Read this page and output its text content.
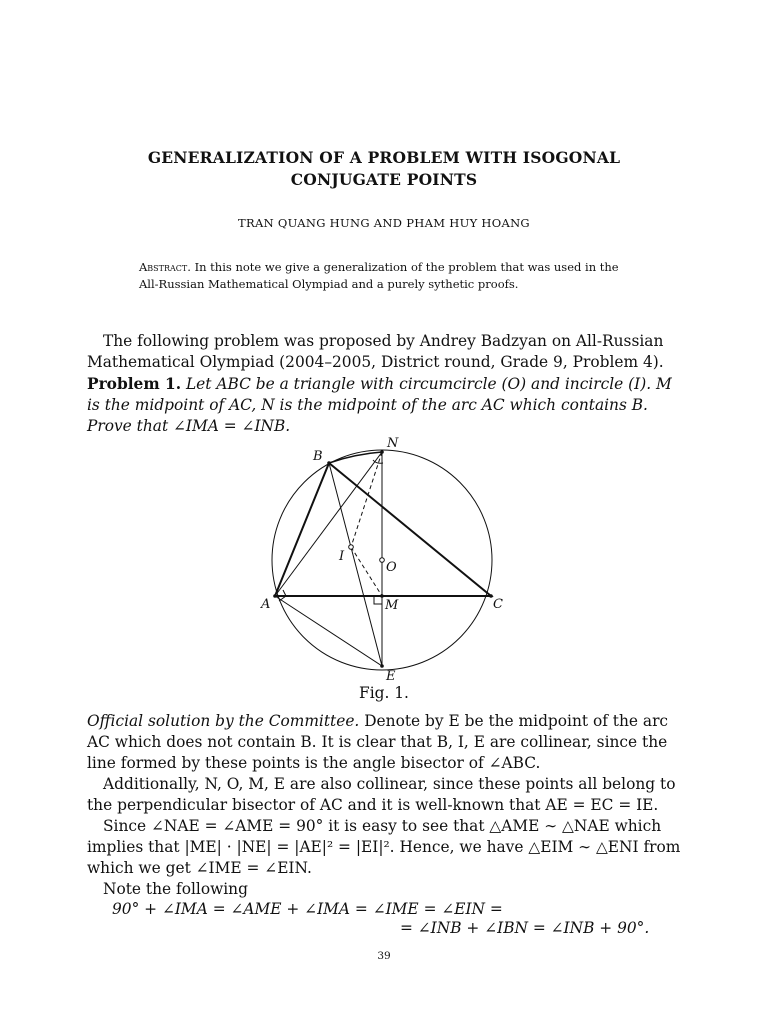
GENERALIZATION OF A PROBLEM WITH ISOGONAL
CONJUGATE POINTS
TRAN QUANG HUNG AND PHAM HUY HOANG
Abstract. In this note we give a generalization of the problem that was used in the All-Russian Mathematical Olympiad and a purely sythetic proofs.
The following problem was proposed by Andrey Badzyan on All-Russian Mathematical Olympiad (2004–2005, District round, Grade 9, Problem 4).
Problem 1. Let ABC be a triangle with circumcircle (O) and incircle (I). M is the midpoint of AC, N is the midpoint of the arc AC which contains B. Prove that ∠IMA = ∠INB.
B
N
I
O
A	M	C
E
Fig. 1.
Official solution by the Committee. Denote by E be the midpoint of the arc AC which does not contain B. It is clear that B, I, E are collinear, since the line formed by these points is the angle bisector of ∠ABC.
Additionally, N, O, M, E are also collinear, since these points all belong to the perpendicular bisector of AC and it is well-known that AE = EC = IE.
Since ∠NAE = ∠AME = 90° it is easy to see that △AME ∼ △NAE which implies that |ME| · |NE| = |AE|² = |EI|². Hence, we have △EIM ∼ △ENI from which we get ∠IME = ∠EIN.
Note the following
90° + ∠IMA = ∠AME + ∠IMA = ∠IME = ∠EIN =
= ∠INB + ∠IBN = ∠INB + 90°.
39
